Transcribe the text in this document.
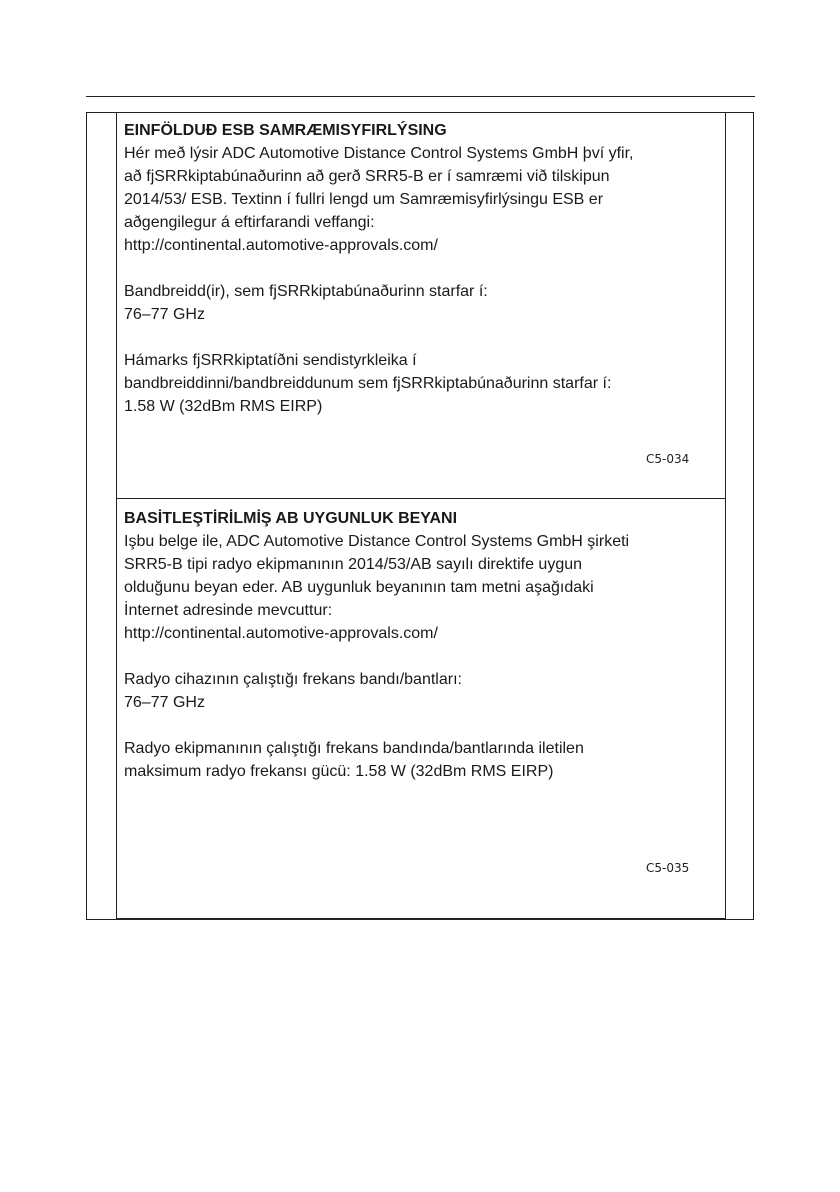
EINFÖLDUÐ ESB SAMRÆMISYFIRLÝSING

Hér með lýsir ADC Automotive Distance Control Systems GmbH því yfir,

að fjSRRkiptabúnaðurinn að gerð SRR5-B er í samræmi við tilskipun

2014/53/ ESB. Textinn í fullri lengd um Samræmisyfirlýsingu ESB er

aðgengilegur á eftirfarandi veffangi:

http://continental.automotive-approvals.com/

Bandbreidd(ir), sem fjSRRkiptabúnaðurinn starfar í:

76–77 GHz

Hámarks fjSRRkiptatíðni sendistyrkleika í

bandbreiddinni/bandbreiddunum sem fjSRRkiptabúnaðurinn starfar í:

1.58 W (32dBm RMS EIRP)

C5-034

BASİTLEŞTİRİLMİŞ AB UYGUNLUK BEYANI

Işbu belge ile, ADC Automotive Distance Control Systems GmbH şirketi

SRR5-B tipi radyo ekipmanının 2014/53/AB sayılı direktife uygun

olduğunu beyan eder. AB uygunluk beyanının tam metni aşağıdaki

İnternet adresinde mevcuttur:

http://continental.automotive-approvals.com/

Radyo cihazının çalıştığı frekans bandı/bantları:

76–77 GHz

Radyo ekipmanının çalıştığı frekans bandında/bantlarında iletilen

maksimum radyo frekansı gücü: 1.58 W (32dBm RMS EIRP)

C5-035
